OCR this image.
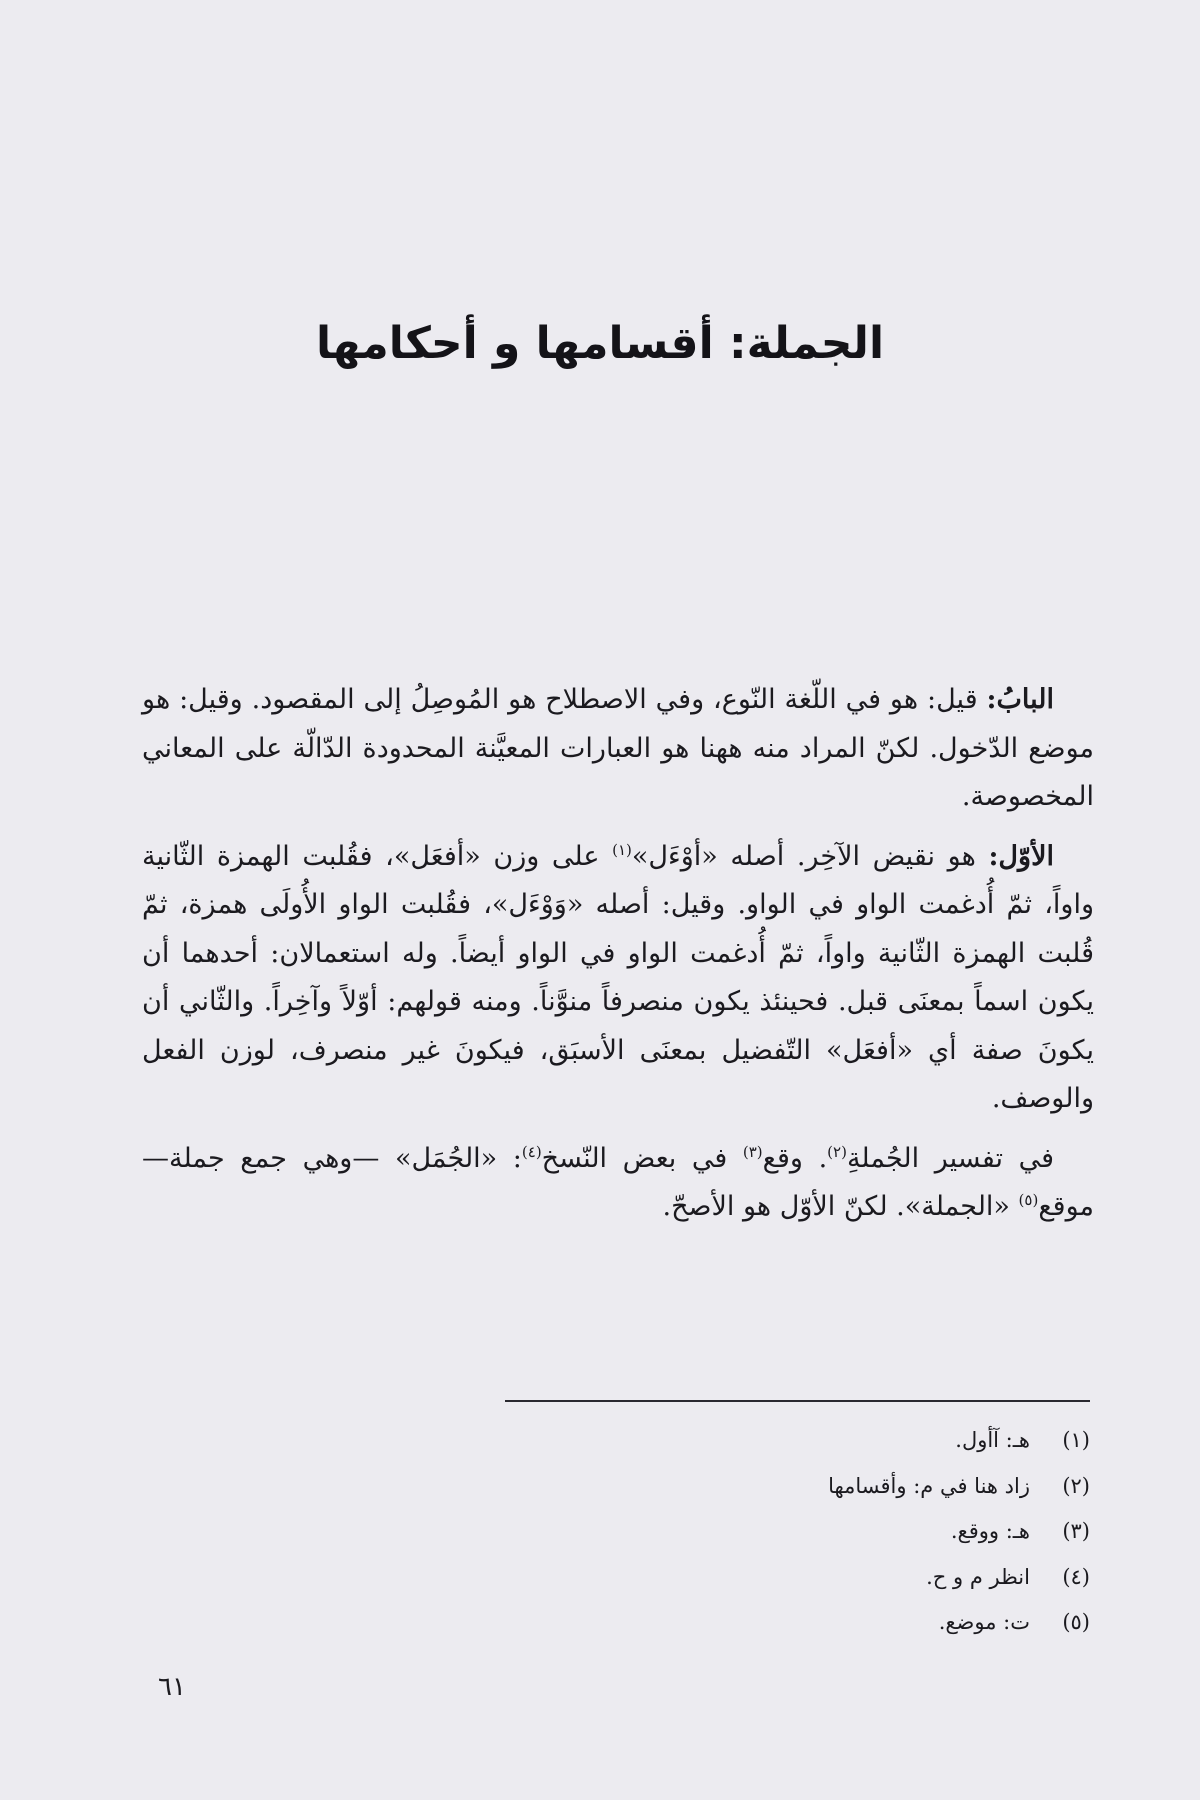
الجملة: أقسامها و أحكامها

البابُ: قيل: هو في اللّغة النّوع، وفي الاصطلاح هو المُوصِلُ إلى المقصود. وقيل: هو موضع الدّخول. لكنّ المراد منه ههنا هو العبارات المعيَّنة المحدودة الدّالّة على المعاني المخصوصة.

الأوّل: هو نقيض الآخِر. أصله «أوْءَل»$^{(١)}$ على وزن «أفعَل»، فقُلبت الهمزة الثّانية واواً، ثمّ أُدغمت الواو في الواو. وقيل: أصله «وَوْءَل»، فقُلبت الواو الأُولَى همزة، ثمّ قُلبت الهمزة الثّانية واواً، ثمّ أُدغمت الواو في الواو أيضاً. وله استعمالان: أحدهما أن يكون اسماً بمعنَى قبل. فحينئذ يكون منصرفاً منوَّناً. ومنه قولهم: أوّلاً وآخِراً. والثّاني أن يكونَ صفة أي «أفعَل» التّفضيل بمعنَى الأسبَق، فيكونَ غير منصرف، لوزن الفعل والوصف.

في تفسير الجُملةِ$^{(٢)}$. وقع$^{(٣)}$ في بعض النّسخ$^{(٤)}$: «الجُمَل» —وهي جمع جملة— موقع$^{(٥)}$ «الجملة». لكنّ الأوّل هو الأصحّ.

(١)
هـ: آأول.
(٢)
زاد هنا في م: وأقسامها
(٣)
هـ: ووقع.
(٤)
انظر م و ح.
(٥)
ت: موضع.
٦١
